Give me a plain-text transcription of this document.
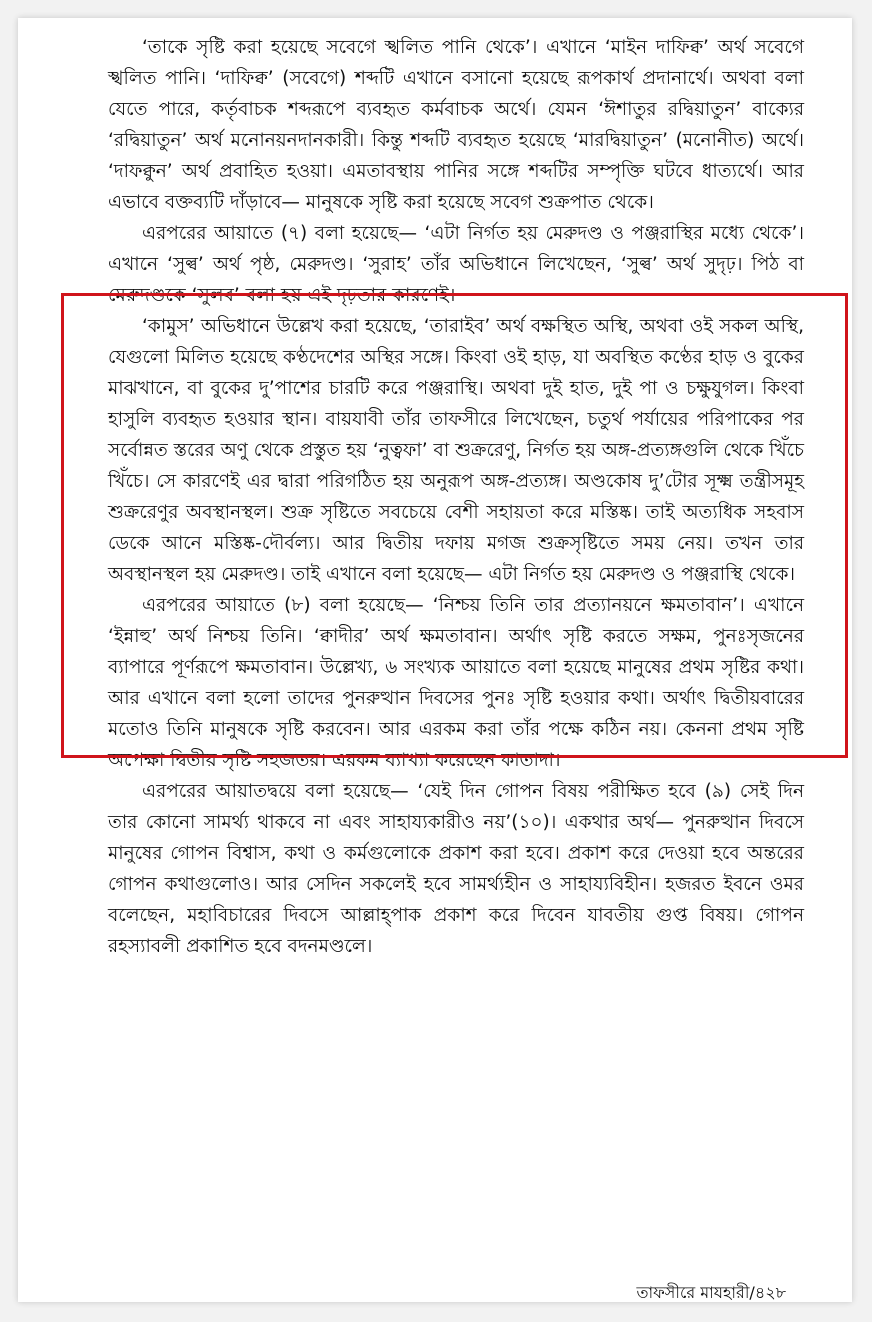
‘তাকে সৃষ্টি করা হয়েছে সবেগে স্খলিত পানি থেকে’। এখানে ‘মাইন দাফিক্ব’ অর্থ সবেগে স্খলিত পানি। ‘দাফিক্ব’ (সবেগে) শব্দটি এখানে বসানো হয়েছে রূপকার্থ প্রদানার্থে। অথবা বলা যেতে পারে, কর্তৃবাচক শব্দরূপে ব্যবহৃত কর্মবাচক অর্থে। যেমন ‘ঈশাতুর রদ্বিয়াতুন’ বাক্যের ‘রদ্বিয়াতুন’ অর্থ মনোনয়নদানকারী। কিন্তু শব্দটি ব্যবহৃত হয়েছে ‘মারদ্বিয়াতুন’ (মনোনীত) অর্থে। ‘দাফক্বুন’ অর্থ প্রবাহিত হওয়া। এমতাবস্থায় পানির সঙ্গে শব্দটির সম্পৃক্তি ঘটবে ধাত্যর্থে। আর এভাবে বক্তব্যটি দাঁড়াবে— মানুষকে সৃষ্টি করা হয়েছে সবেগ শুক্রপাত থেকে।

এরপরের আয়াতে (৭) বলা হয়েছে— ‘এটা নির্গত হয় মেরুদণ্ড ও পঞ্জরাস্থির মধ্যে থেকে’। এখানে ‘সুল্ব’ অর্থ পৃষ্ঠ, মেরুদণ্ড। ‘সুরাহ’ তাঁর অভিধানে লিখেছেন, ‘সুল্ব’ অর্থ সুদৃঢ়। পিঠ বা মেরুদণ্ডকে ‘সুলব’ বলা হয় এই দৃঢ়তার কারণেই।

‘কামুস’ অভিধানে উল্লেখ করা হয়েছে, ‘তারাইব’ অর্থ বক্ষস্থিত অস্থি, অথবা ওই সকল অস্থি, যেগুলো মিলিত হয়েছে কণ্ঠদেশের অস্থির সঙ্গে। কিংবা ওই হাড়, যা অবস্থিত কণ্ঠের হাড় ও বুকের মাঝখানে, বা বুকের দু’পাশের চারটি করে পঞ্জরাস্থি। অথবা দুই হাত, দুই পা ও চক্ষুযুগল। কিংবা হাসুলি ব্যবহৃত হওয়ার স্থান। বায়যাবী তাঁর তাফসীরে লিখেছেন, চতুর্থ পর্যায়ের পরিপাকের পর সর্বোন্নত স্তরের অণু থেকে প্রস্তুত হয় ‘নুত্বফা’ বা শুক্ররেণু, নির্গত হয় অঙ্গ-প্রত্যঙ্গগুলি থেকে খিঁচে খিঁচে। সে কারণেই এর দ্বারা পরিগঠিত হয় অনুরূপ অঙ্গ-প্রত্যঙ্গ। অণ্ডকোষ দু’টোর সূক্ষ্ম তন্ত্রীসমূহ শুক্ররেণুর অবস্থানস্থল। শুক্র সৃষ্টিতে সবচেয়ে বেশী সহায়তা করে মস্তিষ্ক। তাই অত্যধিক সহবাস ডেকে আনে মস্তিষ্ক-দৌর্বল্য। আর দ্বিতীয় দফায় মগজ শুক্রসৃষ্টিতে সময় নেয়। তখন তার অবস্থানস্থল হয় মেরুদণ্ড। তাই এখানে বলা হয়েছে— এটা নির্গত হয় মেরুদণ্ড ও পঞ্জরাস্থি থেকে।

এরপরের আয়াতে (৮) বলা হয়েছে— ‘নিশ্চয় তিনি তার প্রত্যানয়নে ক্ষমতাবান’। এখানে ‘ইন্নাহু’ অর্থ নিশ্চয় তিনি। ‘ক্বাদীর’ অর্থ ক্ষমতাবান। অর্থাৎ সৃষ্টি করতে সক্ষম, পুনঃসৃজনের ব্যাপারে পূর্ণরূপে ক্ষমতাবান। উল্লেখ্য, ৬ সংখ্যক আয়াতে বলা হয়েছে মানুষের প্রথম সৃষ্টির কথা। আর এখানে বলা হলো তাদের পুনরুত্থান দিবসের পুনঃ সৃষ্টি হওয়ার কথা। অর্থাৎ দ্বিতীয়বারের মতোও তিনি মানুষকে সৃষ্টি করবেন। আর এরকম করা তাঁর পক্ষে কঠিন নয়। কেননা প্রথম সৃষ্টি অপেক্ষা দ্বিতীয় সৃষ্টি সহজতর। এরকম ব্যাখ্যা করেছেন কাতাদা।

এরপরের আয়াতদ্বয়ে বলা হয়েছে— ‘যেই দিন গোপন বিষয় পরীক্ষিত হবে (৯) সেই দিন তার কোনো সামর্থ্য থাকবে না এবং সাহায্যকারীও নয়’(১০)। একথার অর্থ— পুনরুত্থান দিবসে মানুষের গোপন বিশ্বাস, কথা ও কর্মগুলোকে প্রকাশ করা হবে। প্রকাশ করে দেওয়া হবে অন্তরের গোপন কথাগুলোও। আর সেদিন সকলেই হবে সামর্থ্যহীন ও সাহায্যবিহীন। হজরত ইবনে ওমর বলেছেন, মহাবিচারের দিবসে আল্লাহ্‌পাক প্রকাশ করে দিবেন যাবতীয় গুপ্ত বিষয়। গোপন রহস্যাবলী প্রকাশিত হবে বদনমণ্ডলে।

তাফসীরে মাযহারী/৪২৮
